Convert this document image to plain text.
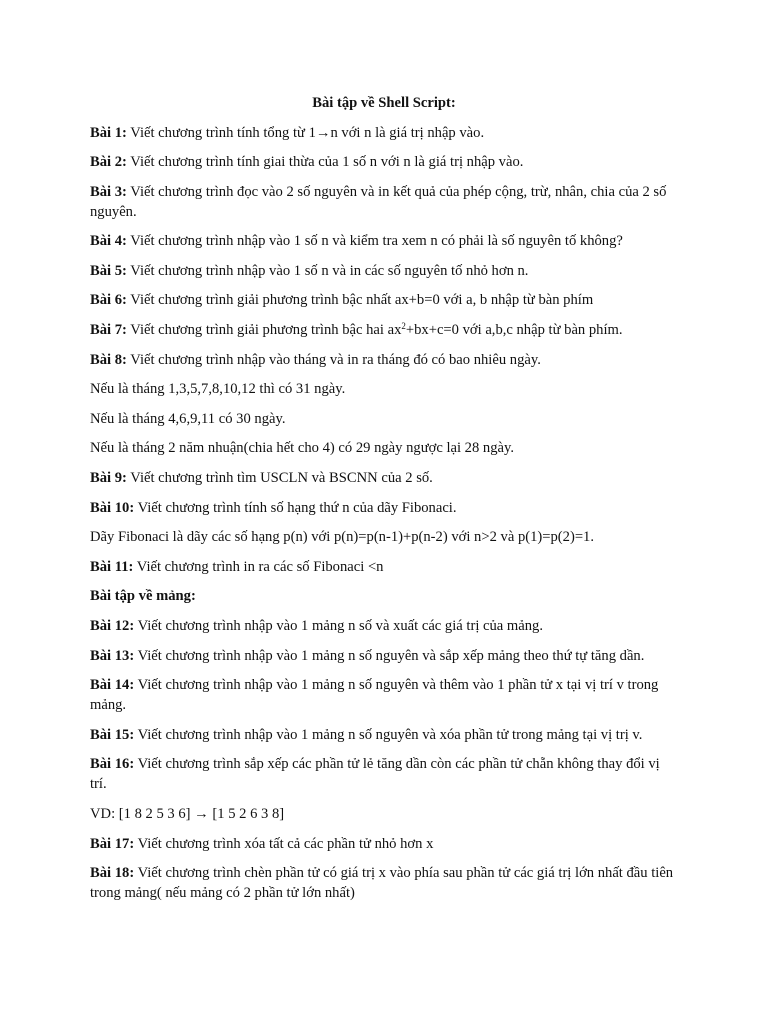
Bài tập về Shell Script:

Bài 1: Viết chương trình tính tổng từ 1→n với n là giá trị nhập vào.

Bài 2: Viết chương trình tính giai thừa của 1 số n với n là giá trị nhập vào.

Bài 3: Viết chương trình đọc vào 2 số nguyên và in kết quả của phép cộng, trừ, nhân, chia của 2 số nguyên.

Bài 4: Viết chương trình nhập vào 1 số n và kiểm tra xem n có phải là số nguyên tố không?

Bài 5: Viết chương trình nhập vào 1 số n và in các số nguyên tố nhỏ hơn n.

Bài 6: Viết chương trình giải phương trình bậc nhất ax+b=0 với a, b nhập từ bàn phím

Bài 7: Viết chương trình giải phương trình bậc hai $ax^2+bx+c=0$ với a,b,c nhập từ bàn phím.

Bài 8: Viết chương trình nhập vào tháng và in ra tháng đó có bao nhiêu ngày.

Nếu là tháng 1,3,5,7,8,10,12 thì có 31 ngày.

Nếu là tháng 4,6,9,11 có 30 ngày.

Nếu là tháng 2 năm nhuận(chia hết cho 4) có 29 ngày ngược lại 28 ngày.

Bài 9: Viết chương trình tìm USCLN và BSCNN của 2 số.

Bài 10: Viết chương trình tính số hạng thứ n của dãy Fibonaci.

Dãy Fibonaci là dãy các số hạng p(n) với p(n)=p(n-1)+p(n-2) với n>2 và p(1)=p(2)=1.

Bài 11: Viết chương trình in ra các số Fibonaci <n

Bài tập về mảng:

Bài 12: Viết chương trình nhập vào 1 mảng n số và xuất các giá trị của mảng.

Bài 13: Viết chương trình nhập vào 1 mảng n số nguyên và sắp xếp mảng theo thứ tự tăng dần.

Bài 14: Viết chương trình nhập vào 1 mảng n số nguyên và thêm vào 1 phần tử x tại vị trí v trong mảng.

Bài 15: Viết chương trình nhập vào 1 mảng n số nguyên và xóa phần tử trong mảng tại vị trị v.

Bài 16: Viết chương trình sắp xếp các phần tử lẻ tăng dần còn các phần tử chẵn không thay đổi vị trí.

VD: [1 8 2 5 3 6] → [1 5 2 6 3 8]

Bài 17: Viết chương trình xóa tất cả các phần tử nhỏ hơn x

Bài 18: Viết chương trình chèn phần tử có giá trị x vào phía sau phần tử các giá trị lớn nhất đầu tiên trong mảng( nếu mảng có 2 phần tử lớn nhất)
